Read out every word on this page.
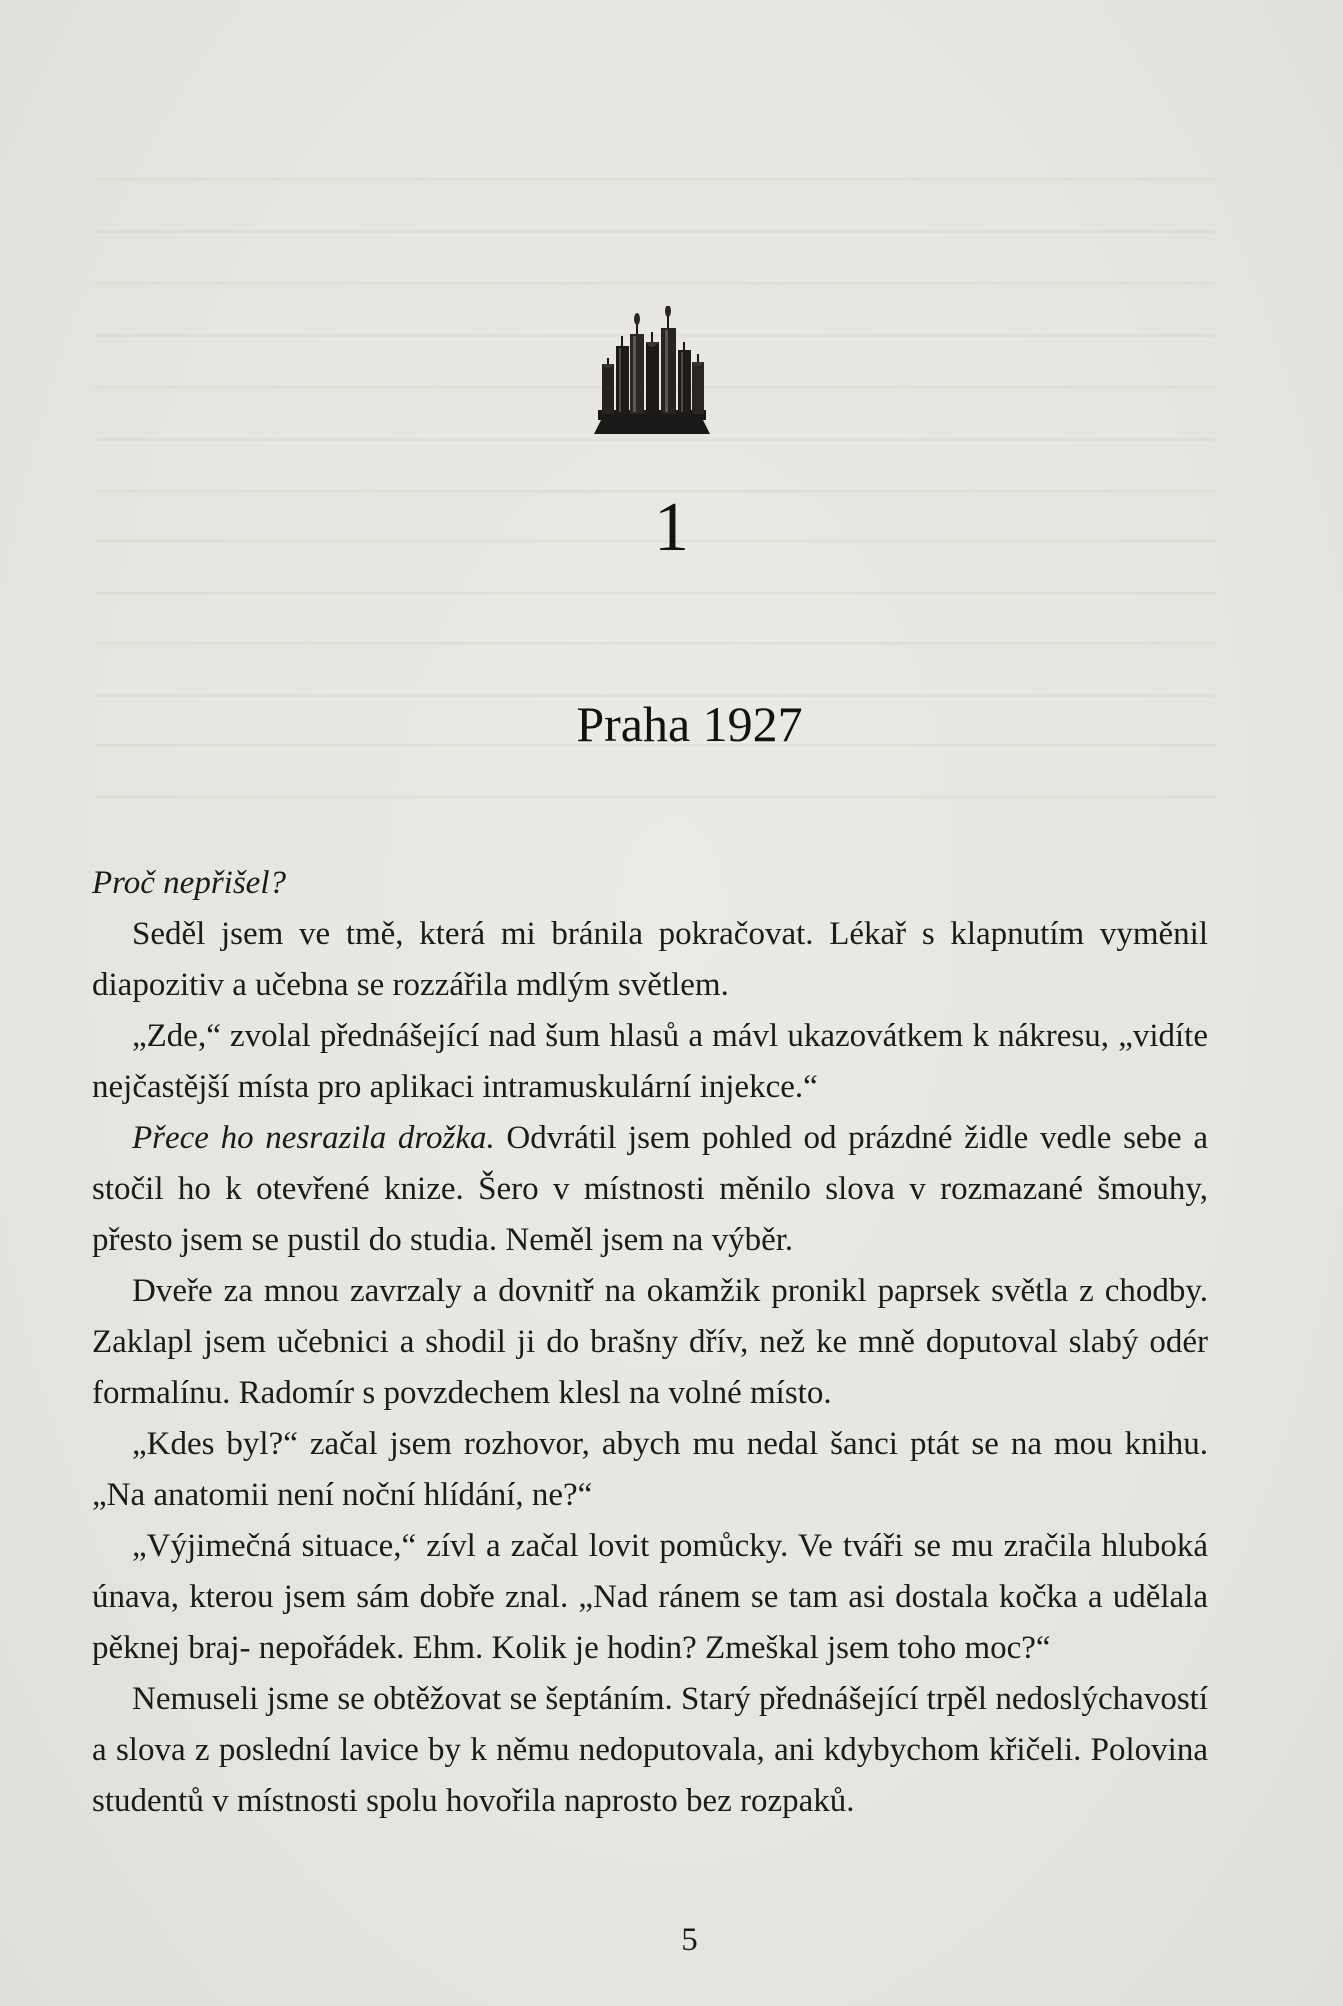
1
Praha 1927

Proč nepřišel?

Seděl jsem ve tmě, která mi bránila pokračovat. Lékař s klapnutím vyměnil diapozitiv a učebna se rozzářila mdlým světlem.

„Zde,“ zvolal přednášející nad šum hlasů a mávl ukazovátkem k nákresu, „vidíte nejčastější místa pro aplikaci intramuskulární injekce.“

Přece ho nesrazila drožka. Odvrátil jsem pohled od prázdné židle vedle sebe a stočil ho k otevřené knize. Šero v místnosti měnilo slova v rozmazané šmouhy, přesto jsem se pustil do studia. Neměl jsem na výběr.

Dveře za mnou zavrzaly a dovnitř na okamžik pronikl paprsek světla z chodby. Zaklapl jsem učebnici a shodil ji do brašny dřív, než ke mně doputoval slabý odér formalínu. Radomír s povzdechem klesl na volné místo.

„Kdes byl?“ začal jsem rozhovor, abych mu nedal šanci ptát se na mou knihu. „Na anatomii není noční hlídání, ne?“

„Výjimečná situace,“ zívl a začal lovit pomůcky. Ve tváři se mu zračila hluboká únava, kterou jsem sám dobře znal. „Nad ránem se tam asi dostala kočka a udělala pěknej braj- nepořádek. Ehm. Kolik je hodin? Zmeškal jsem toho moc?“

Nemuseli jsme se obtěžovat se šeptáním. Starý přednášející trpěl nedoslýchavostí a slova z poslední lavice by k němu nedoputovala, ani kdybychom křičeli. Polovina studentů v místnosti spolu hovořila naprosto bez rozpaků.

5
